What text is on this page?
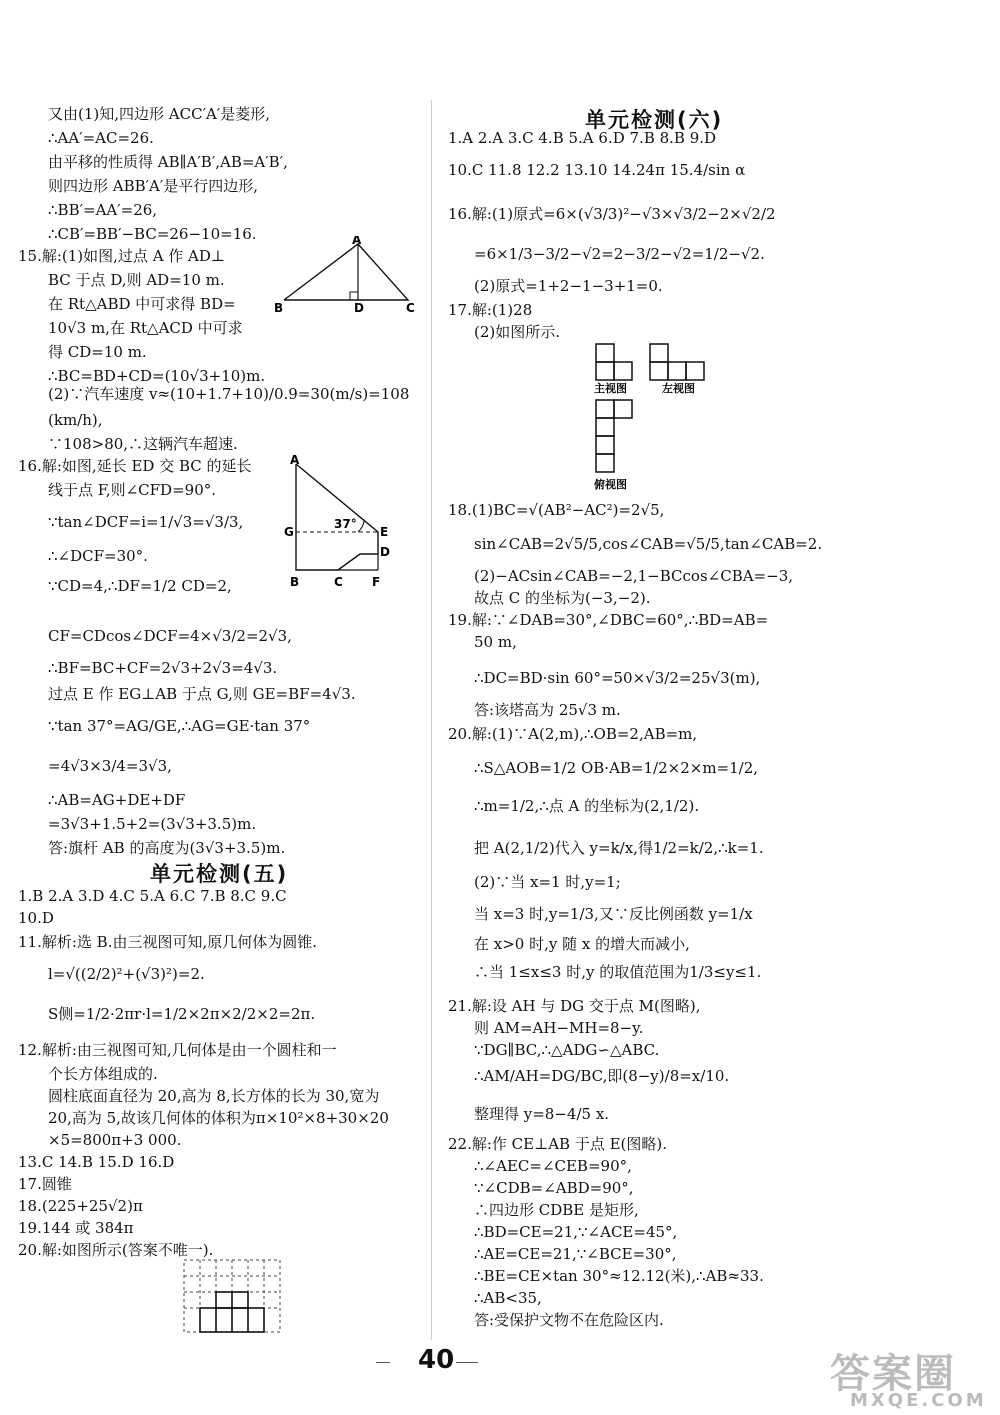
又由(1)知,四边形 ACC′A′是菱形,
∴AA′=AC=26.
由平移的性质得 AB∥A′B′,AB=A′B′,
则四边形 ABB′A′是平行四边形,
∴BB′=AA′=26,
∴CB′=BB′−BC=26−10=16.
15.解:(1)如图,过点 A 作 AD⊥
BC 于点 D,则 AD=10 m.
在 Rt△ABD 中可求得 BD=
10√3 m,在 Rt△ACD 中可求
得 CD=10 m.
∴BC=BD+CD=(10√3+10)m.
(2)∵汽车速度 v≈(10+1.7+10)/0.9=30(m/s)=108
(km/h),
∵108>80,∴这辆汽车超速.
16.解:如图,延长 ED 交 BC 的延长
线于点 F,则∠CFD=90°.
∵tan∠DCF=i=1/√3=√3/3,
∴∠DCF=30°.
∵CD=4,∴DF=1/2 CD=2,
CF=CDcos∠DCF=4×√3/2=2√3,
∴BF=BC+CF=2√3+2√3=4√3.
过点 E 作 EG⊥AB 于点 G,则 GE=BF=4√3.
∵tan 37°=AG/GE,∴AG=GE·tan 37°
=4√3×3/4=3√3,
∴AB=AG+DE+DF
=3√3+1.5+2=(3√3+3.5)m.
答:旗杆 AB 的高度为(3√3+3.5)m.
单元检测(五)
1.B 2.A 3.D 4.C 5.A 6.C 7.B 8.C 9.C
10.D
11.解析:选 B.由三视图可知,原几何体为圆锥.
l=√((2/2)²+(√3)²)=2.
S侧=1/2·2πr·l=1/2×2π×2/2×2=2π.
12.解析:由三视图可知,几何体是由一个圆柱和一
个长方体组成的.
圆柱底面直径为 20,高为 8,长方体的长为 30,宽为
20,高为 5,故该几何体的体积为π×10²×8+30×20
×5=800π+3 000.
13.C 14.B 15.D 16.D
17.圆锥
18.(225+25√2)π
19.144 或 384π
20.解:如图所示(答案不唯一).
A
B	D	C
A
G
37°
E
D
B	C F
单元检测(六)
1.A 2.A 3.C 4.B 5.A 6.D 7.B 8.B 9.D
10.C 11.8 12.2 13.10 14.24π 15.4/sin α
16.解:(1)原式=6×(√3/3)²−√3×√3/2−2×√2/2
=6×1/3−3/2−√2=2−3/2−√2=1/2−√2.
(2)原式=1+2−1−3+1=0.
17.解:(1)28
(2)如图所示.
18.(1)BC=√(AB²−AC²)=2√5,
sin∠CAB=2√5/5,cos∠CAB=√5/5,tan∠CAB=2.
(2)−ACsin∠CAB=−2,1−BCcos∠CBA=−3,
故点 C 的坐标为(−3,−2).
19.解:∵∠DAB=30°,∠DBC=60°,∴BD=AB=
50 m,
∴DC=BD·sin 60°=50×√3/2=25√3(m),
答:该塔高为 25√3 m.
20.解:(1)∵A(2,m),∴OB=2,AB=m,
∴S△AOB=1/2 OB·AB=1/2×2×m=1/2,
∴m=1/2,∴点 A 的坐标为(2,1/2).
把 A(2,1/2)代入 y=k/x,得1/2=k/2,∴k=1.
(2)∵当 x=1 时,y=1;
当 x=3 时,y=1/3,又∵反比例函数 y=1/x
在 x>0 时,y 随 x 的增大而减小,
∴当 1≤x≤3 时,y 的取值范围为1/3≤y≤1.
21.解:设 AH 与 DG 交于点 M(图略),
则 AM=AH−MH=8−y.
∵DG∥BC,∴△ADG∽△ABC.
∴AM/AH=DG/BC,即(8−y)/8=x/10.
整理得 y=8−4/5 x.
22.解:作 CE⊥AB 于点 E(图略).
∴∠AEC=∠CEB=90°,
∵∠CDB=∠ABD=90°,
∴四边形 CDBE 是矩形,
∴BD=CE=21,∵∠ACE=45°,
∴AE=CE=21,∵∠BCE=30°,
∴BE=CE×tan 30°≈12.12(米),∴AB≈33.
∴AB<35,
答:受保护文物不在危险区内.
主视图	左视图
俯视图
40	答案圈
MXQE.COM
